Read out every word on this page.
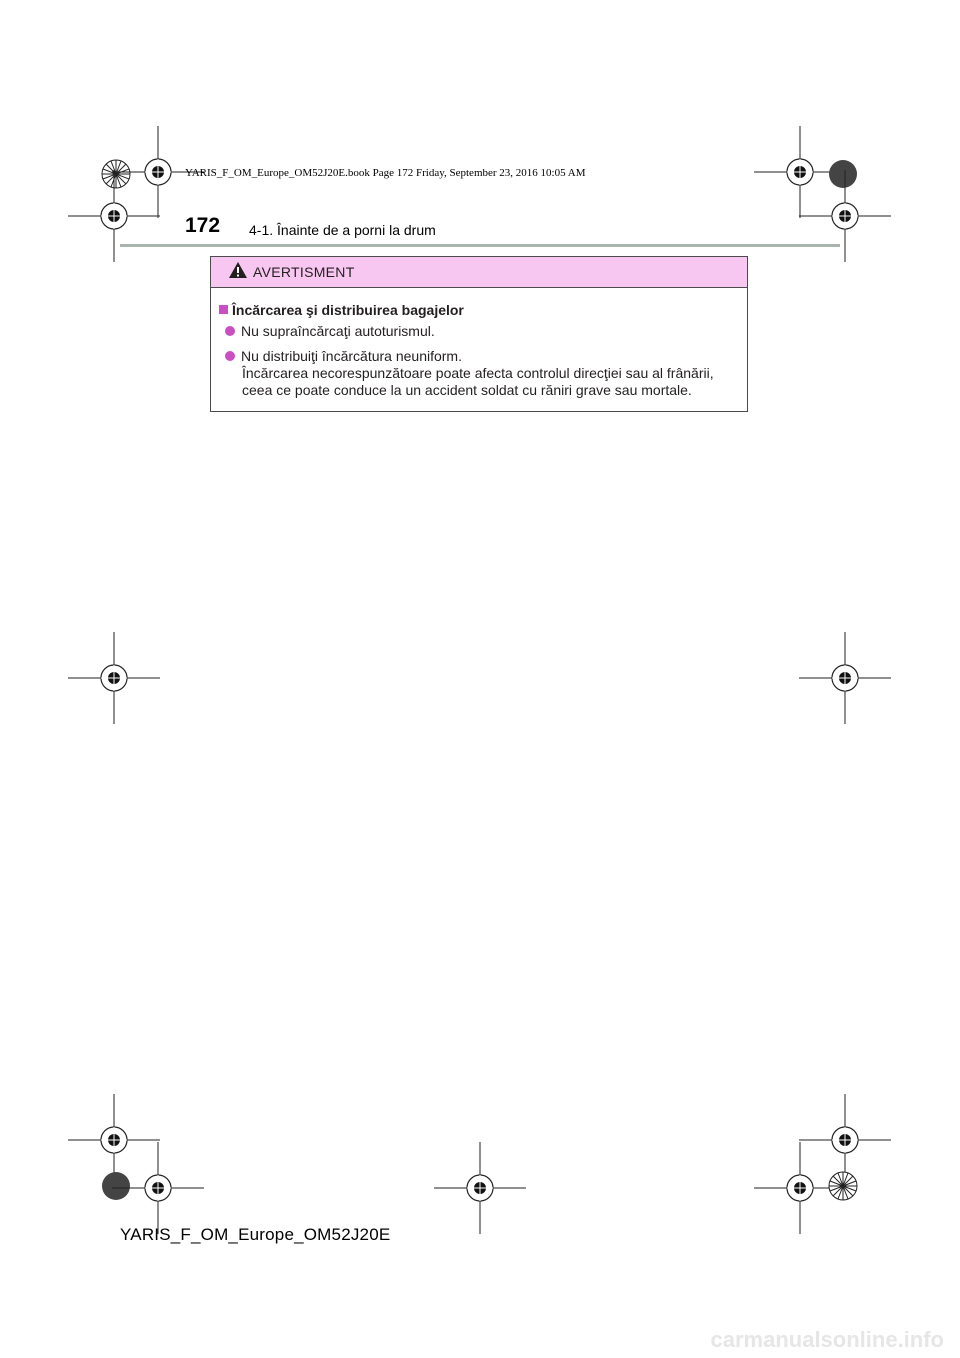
YARIS_F_OM_Europe_OM52J20E.book Page 172 Friday, September 23, 2016 10:05 AM
172 4-1. Înainte de a porni la drum
AVERTISMENT
Încărcarea şi distribuirea bagajelor
Nu supraîncărcaţi autoturismul.
Nu distribuiţi încărcătura neuniform.
Încărcarea necorespunzătoare poate afecta controlul direcţiei sau al frânării,
ceea ce poate conduce la un accident soldat cu răniri grave sau mortale.
YARIS_F_OM_Europe_OM52J20E
carmanualsonline.info
